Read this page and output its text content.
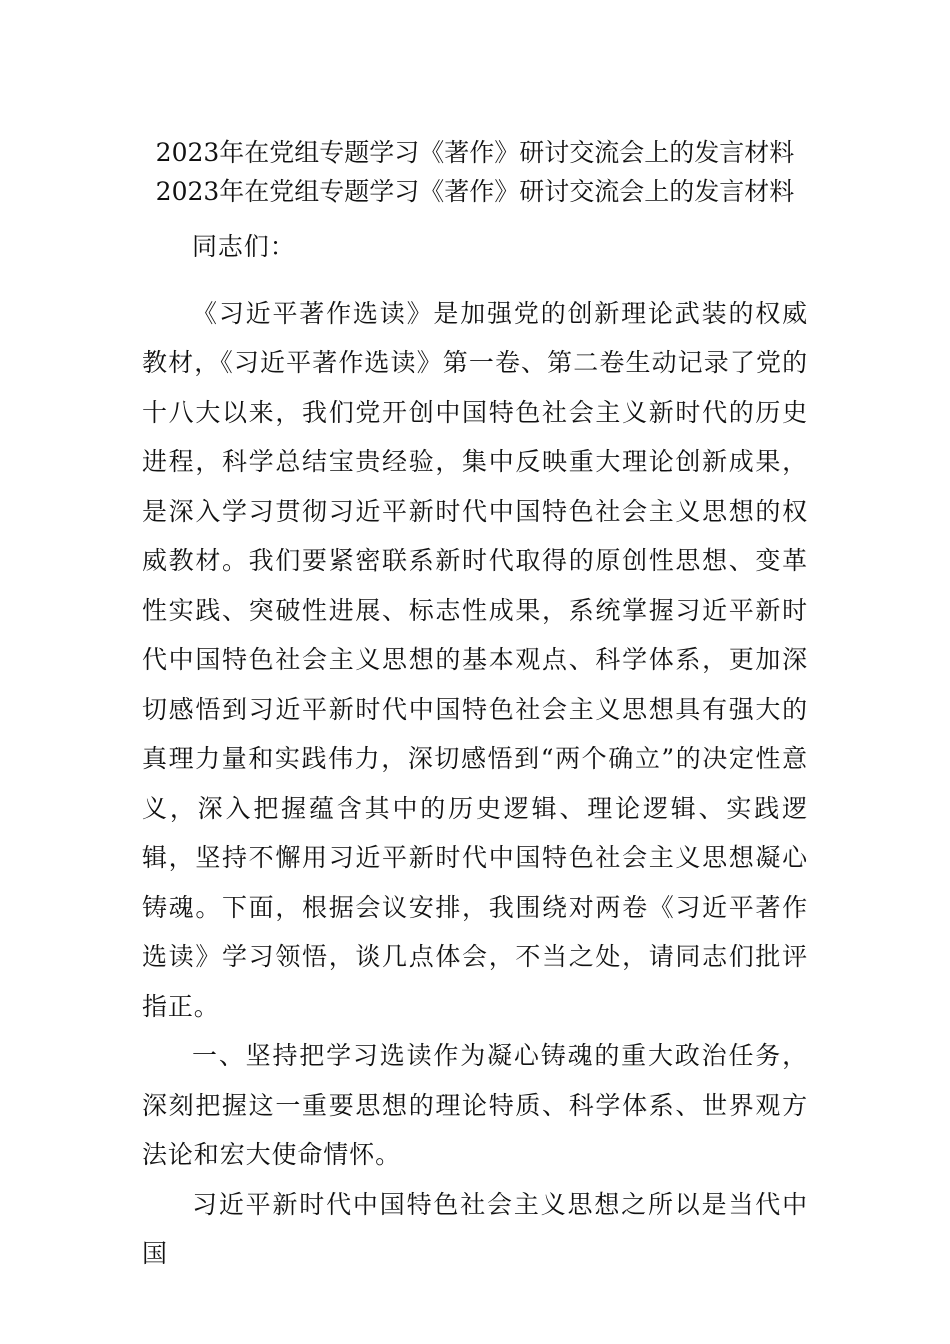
2023年在党组专题学习《著作》研讨交流会上的发言材料

2023年在党组专题学习《著作》研讨交流会上的发言材料

同志们：

《习近平著作选读》是加强党的创新理论武装的权威教材，《习近平著作选读》第一卷、第二卷生动记录了党的十八大以来，我们党开创中国特色社会主义新时代的历史进程，科学总结宝贵经验，集中反映重大理论创新成果，是深入学习贯彻习近平新时代中国特色社会主义思想的权威教材。我们要紧密联系新时代取得的原创性思想、变革性实践、突破性进展、标志性成果，系统掌握习近平新时代中国特色社会主义思想的基本观点、科学体系，更加深切感悟到习近平新时代中国特色社会主义思想具有强大的真理力量和实践伟力，深切感悟到“两个确立”的决定性意义，深入把握蕴含其中的历史逻辑、理论逻辑、实践逻辑，坚持不懈用习近平新时代中国特色社会主义思想凝心铸魂。下面，根据会议安排，我围绕对两卷《习近平著作选读》学习领悟，谈几点体会，不当之处，请同志们批评指正。

一、坚持把学习选读作为凝心铸魂的重大政治任务，深刻把握这一重要思想的理论特质、科学体系、世界观方法论和宏大使命情怀。

习近平新时代中国特色社会主义思想之所以是当代中国
